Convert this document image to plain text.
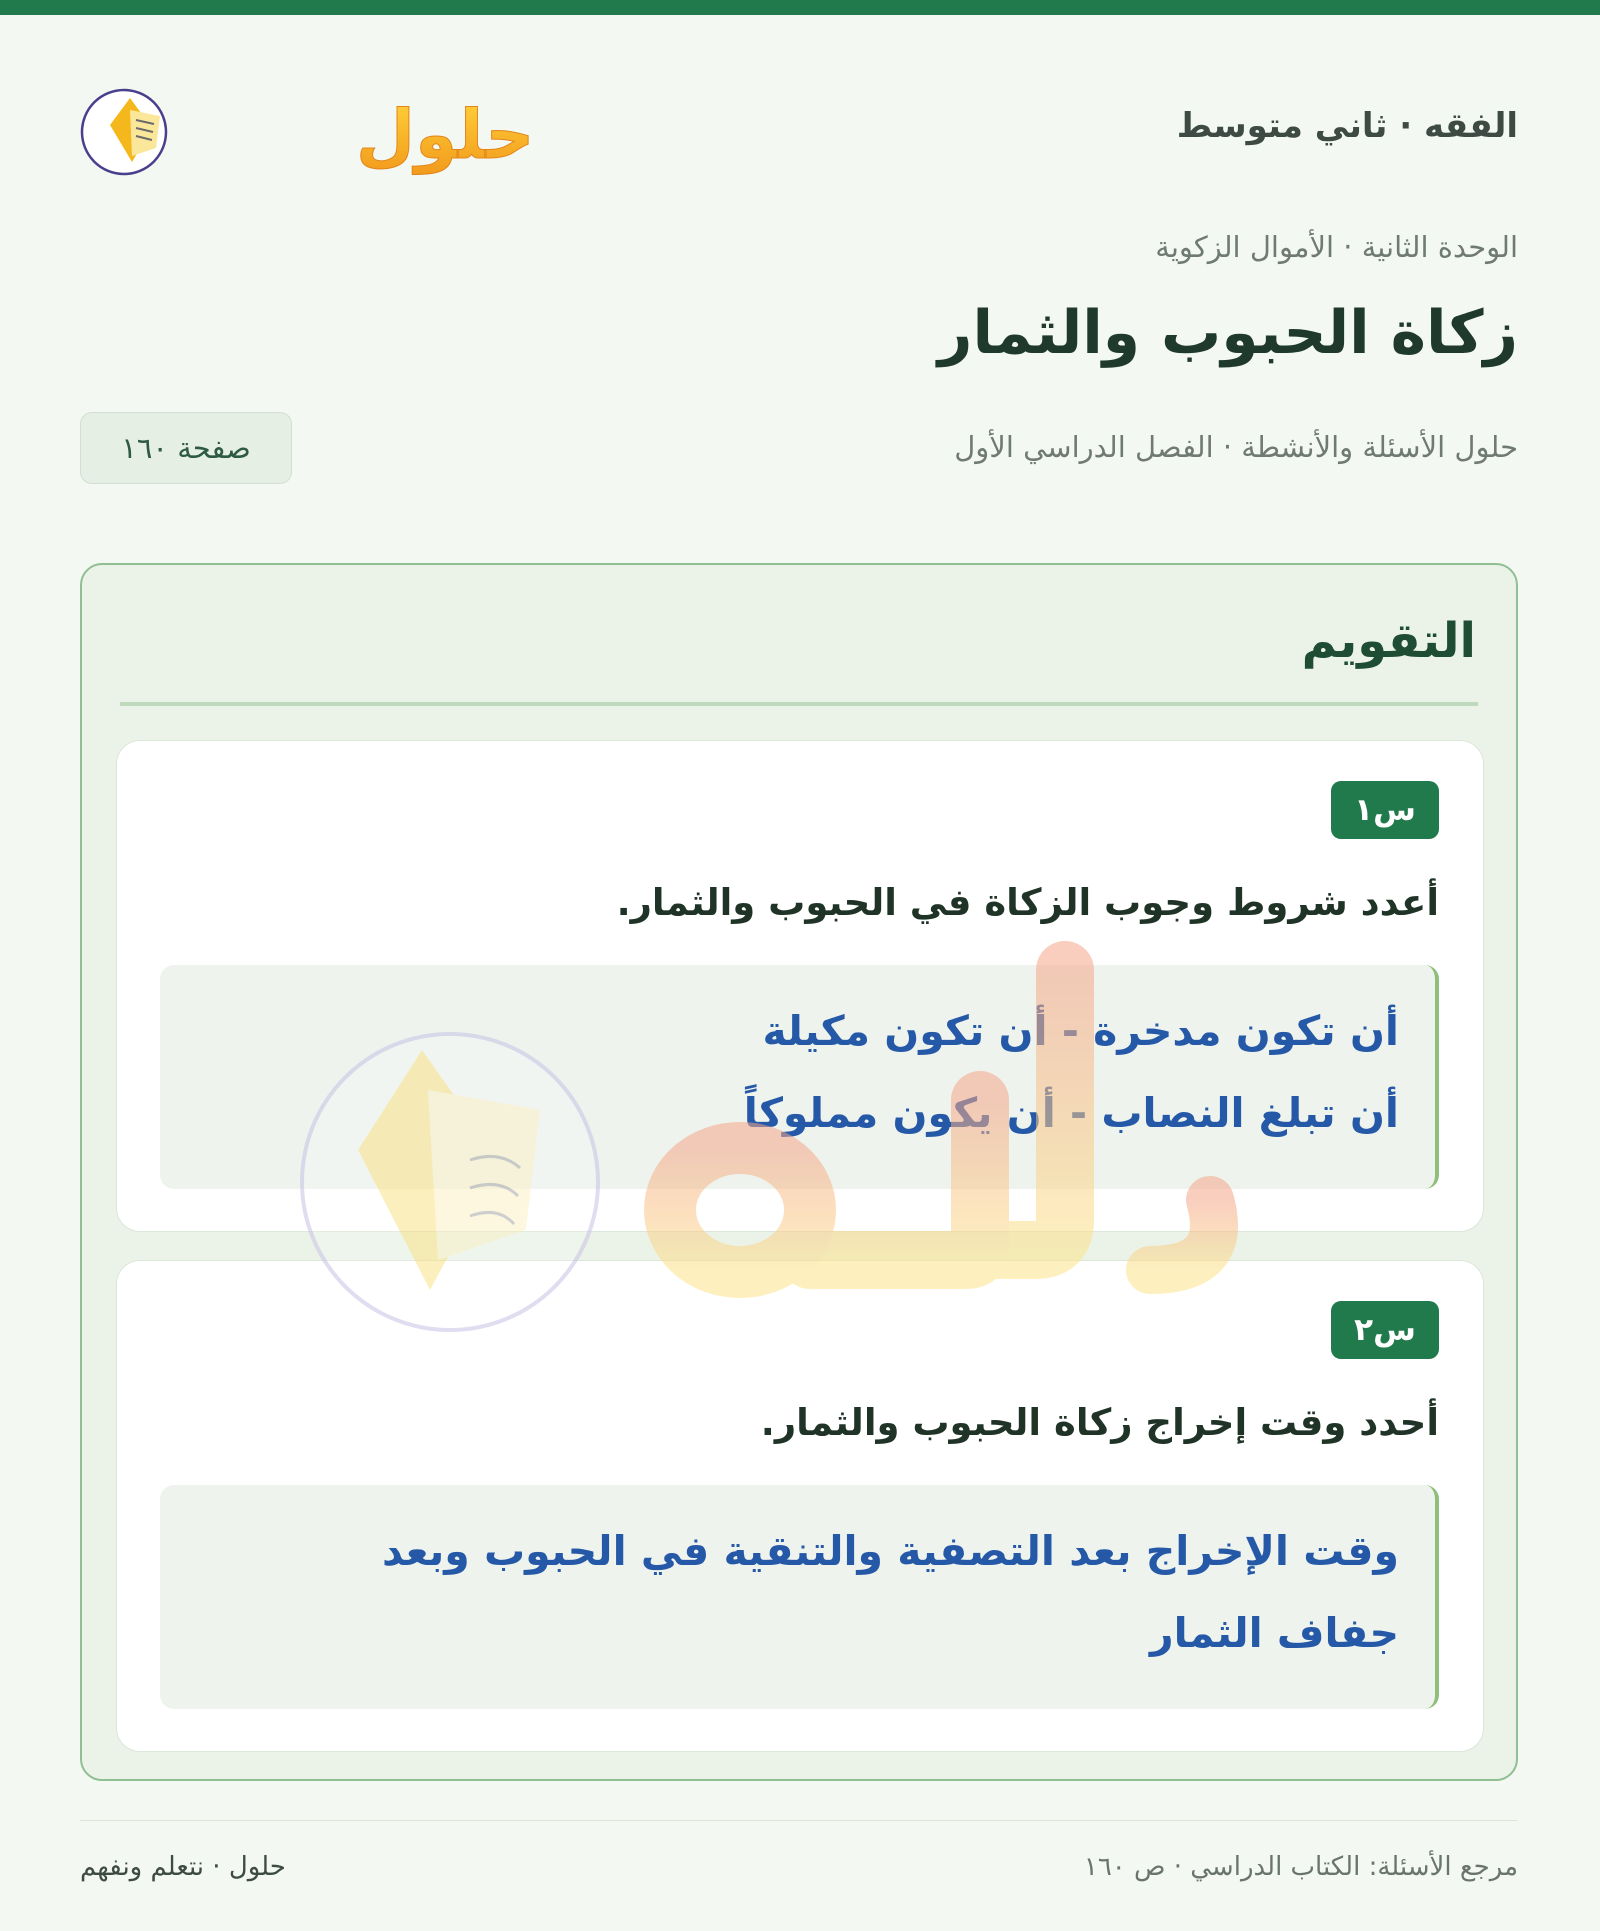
الفقه · ثاني متوسط
حلول
الوحدة الثانية · الأموال الزكوية
زكاة الحبوب والثمار
حلول الأسئلة والأنشطة · الفصل الدراسي الأول
صفحة ١٦٠
التقويم
س١
أعدد شروط وجوب الزكاة في الحبوب والثمار.
أن تكون مدخرة - أن تكون مكيلة
أن تبلغ النصاب - أن يكون مملوكاً
س٢
أحدد وقت إخراج زكاة الحبوب والثمار.
وقت الإخراج بعد التصفية والتنقية في الحبوب وبعد
جفاف الثمار
مرجع الأسئلة: الكتاب الدراسي · ص ١٦٠
حلول · نتعلم ونفهم
